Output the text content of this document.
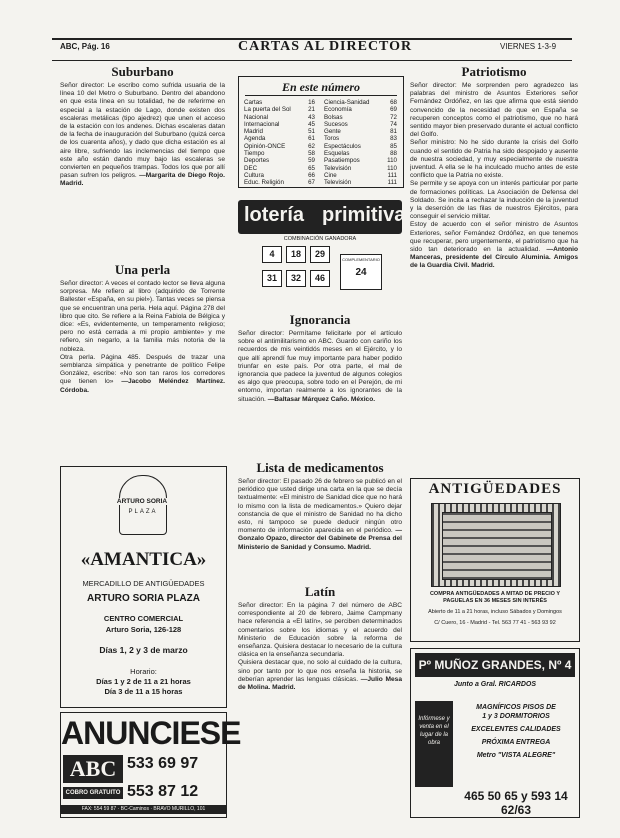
ABC, Pág. 16	CARTAS AL DIRECTOR	VIERNES 1-3-9
Suburbano
Señor director: Le escribo como sufrida usuaria de la línea 10 del Metro o Suburbano. Dentro del abandono en que esta línea en su totalidad, he de referirme en especial a la estación de Lago, donde existen dos escaleras metálicas (tipo ajedrez) que unen el acceso de la estación con los andenes. Dichas escaleras datan de la fecha de inauguración del Suburbano (quizá cerca de los cuarenta años), y dado que dicha estación es al aire libre, sufriendo las inclemencias del tiempo que este año están dando muy bajo las escaleras se convierten en pequeños trampas. Todos los que por allí pasan sufren los peligros. —Margarita de Diego Rojo. Madrid.
Una perla
Señor director: A veces el contado lector se lleva alguna sorpresa. Me refiero al libro (adquirido de Torrente Ballester «España, en su piel»). Tantas veces se piensa que se encuentran una perla. Hela aquí. Página 278 del libro que cito. Se refiere a la Reina Fabiola de Bélgica y dice: «Es, evidentemente, un temperamento religioso; pero no está cerrada a mi propio ambiente» y me refiero, sin negarlo, a la familia más notoria de la nobleza.
Otra perla. Página 485. Después de trazar una semblanza simpática y penetrante de político Felipe González, escribe: «No son tan raros los corredores que tienen lo» —Jacobo Meléndez Martínez. Córdoba.
ARTURO SORIA
PLAZA
«AMANTICA»
MERCADILLO DE ANTIGÜEDADES
ARTURO SORIA PLAZA
CENTRO COMERCIAL
Arturo Soria, 126-128
Días 1, 2 y 3 de marzo
Horario:
Días 1 y 2 de 11 a 21 horas
Día 3 de 11 a 15 horas
ANUNCIESE
ABC 533 69 97
COBRO GRATUITO 553 87 12
FAX: 554 59 87 · BC-Caminos · BRAVO MURILLO, 101
En este número
Cartas	16
La puerta del Sol	21
Nacional	43
Internacional	45
Madrid	51
Agenda	61
Opinión-ONCE	62
Tiempo	58
Deportes	59
DEC	65
Cultura	66
Educ. Religión	67
Ciencia-Sanidad	68
Economía	69
Bolsas	72
Sucesos	74
Gente	81
Toros	83
Espectáculos	85
Esquelas	88
Pasatiempos	110
Televisión	110
Cine	111
Televisión	111
lotería primitiva
COMBINACIÓN GANADORA
4	18	29
31	32	46
COMPLEMENTARIO
24
Ignorancia
Señor director: Permítame felicitarle por el artículo sobre el antimilitarismo en ABC. Guardo con cariño los recuerdos de mis veintidós meses en el Ejército, y lo que allí aprendí fue muy importante para haber podido triunfar en este país. Por otra parte, el mal de ignorancia que padece la juventud de algunos colegios es algo que preocupa, sobre todo en el Perejón, de mi entorno, importan realmente a los ignorantes de la situación. —Baltasar Márquez Caño. México.
Lista de medicamentos
Señor director: El pasado 26 de febrero se publicó en el periódico que usted dirige una carta en la que se decía textualmente: «El ministro de Sanidad dice que no hará lo mismo con la lista de medicamentos.» Quiero dejar constancia de que el ministro de Sanidad no ha dicho esto, ni tampoco se puede deducir ningún otro momento de información aparecida en el periódico. —Gonzalo Opazo, director del Gabinete de Prensa del Ministerio de Sanidad y Consumo. Madrid.
Latín
Señor director: En la página 7 del número de ABC correspondiente al 20 de febrero, Jaime Campmany hace referencia a «El latín», se perciben determinados comentarios sobre los idiomas y el acuerdo del Ministerio de Educación sobre la reforma de enseñanza. Quisiera destacar lo necesario de la cultura clásica en la enseñanza secundaria.
Quisiera destacar que, no solo al cuidado de la cultura, sino por tanto por lo que nos enseña la historia, se deberían aprender las lenguas clásicas. —Julio Mesa de Molina. Madrid.
Patriotismo
Señor director: Me sorprenden pero agradezco las palabras del ministro de Asuntos Exteriores señor Fernández Ordóñez, en las que afirma que está siendo convencido de la necesidad de que en España se recuperen conceptos como el patriotismo, que no hará sentido mayor bien preservado durante el actual conflicto del Golfo.
Señor ministro: No he sido durante la crisis del Golfo cuando el sentido de Patria ha sido despojado y ausente de nuestra sociedad, y muy especialmente de nuestra juventud. A ella se le ha inculcado mucho antes de este conflicto que la Patria no existe.
Se permite y se apoya con un interés particular por parte de formaciones políticas. La Asociación de Defensa del Soldado. Se incita a rechazar la inducción de la juventud y la deserción de las filas de nuestros Ejércitos, para conseguir el servicio militar.
Estoy de acuerdo con el señor ministro de Asuntos Exteriores, señor Fernández Ordóñez, en que tenemos que recuperar, pero urgentemente, el patriotismo que ha sido tan deteriorado en la actualidad. —Antonio Manceras, presidente del Círculo Aluminia. Amigos de la Guardia Civil. Madrid.
ANTIGÜEDADES
COMPRA ANTIGÜEDADES A MITAD DE PRECIO Y PAGUELAS EN 36 MESES SIN INTERÉS
Abierto de 11 a 21 horas, incluso Sábados y Domingos
C/ Cuero, 16 - Madrid - Tel. 563 77 41 - 563 93 92
Pº MUÑOZ GRANDES, Nº 4
Junto a Gral. RICARDOS
Infórmese y venta en el lugar de la obra
MAGNÍFICOS PISOS DE
1 y 3 DORMITORIOS
EXCELENTES CALIDADES
PRÓXIMA ENTREGA
Metro "VISTA ALEGRE"
465 50 65 y 593 14 62/63
